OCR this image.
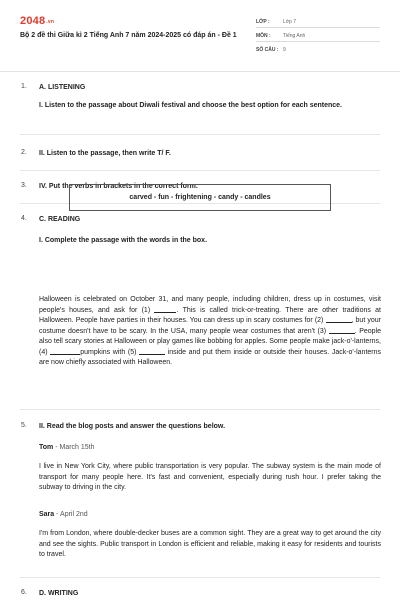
2048.vn
Bộ 2 đề thi Giữa kì 2 Tiếng Anh 7 năm 2024-2025 có đáp án - Đề 1
LỚP :	Lớp 7
MÔN : Tiếng Anh
SỐ CÂU : 9
1. A. LISTENING
I. Listen to the passage about Diwali festival and choose the best option for each sentence.
2. II. Listen to the passage, then write T/ F.
3. IV. Put the verbs in brackets in the correct form.
4. C. READING
I. Complete the passage with the words in the box.
carved - fun - frightening - candy - candles
Halloween is celebrated on October 31, and many people, including children, dress up in costumes, visit people's houses, and ask for (1)	. This is called trick-or-treating. There are other traditions at Halloween. People have parties in their houses. You can dress up in scary costumes for (2)	, but your costume doesn't have to be scary. In the USA, many people wear costumes that aren't (3)	. People also tell scary stories at Halloween or play games like bobbing for apples. Some people make jack-o'-lanterns, (4)	pumpkins with (5)	inside and put them inside or outside their houses. Jack-o'-lanterns are now chiefly associated with Halloween.
5. II. Read the blog posts and answer the questions below.
Tom - March 15th
I live in New York City, where public transportation is very popular. The subway system is the main mode of transport for many people here. It's fast and convenient, especially during rush hour. I prefer taking the subway to driving in the city.
Sara - April 2nd
I'm from London, where double-decker buses are a common sight. They are a great way to get around the city and see the sights. Public transport in London is efficient and reliable, making it easy for residents and tourists to travel.
6. D. WRITING
